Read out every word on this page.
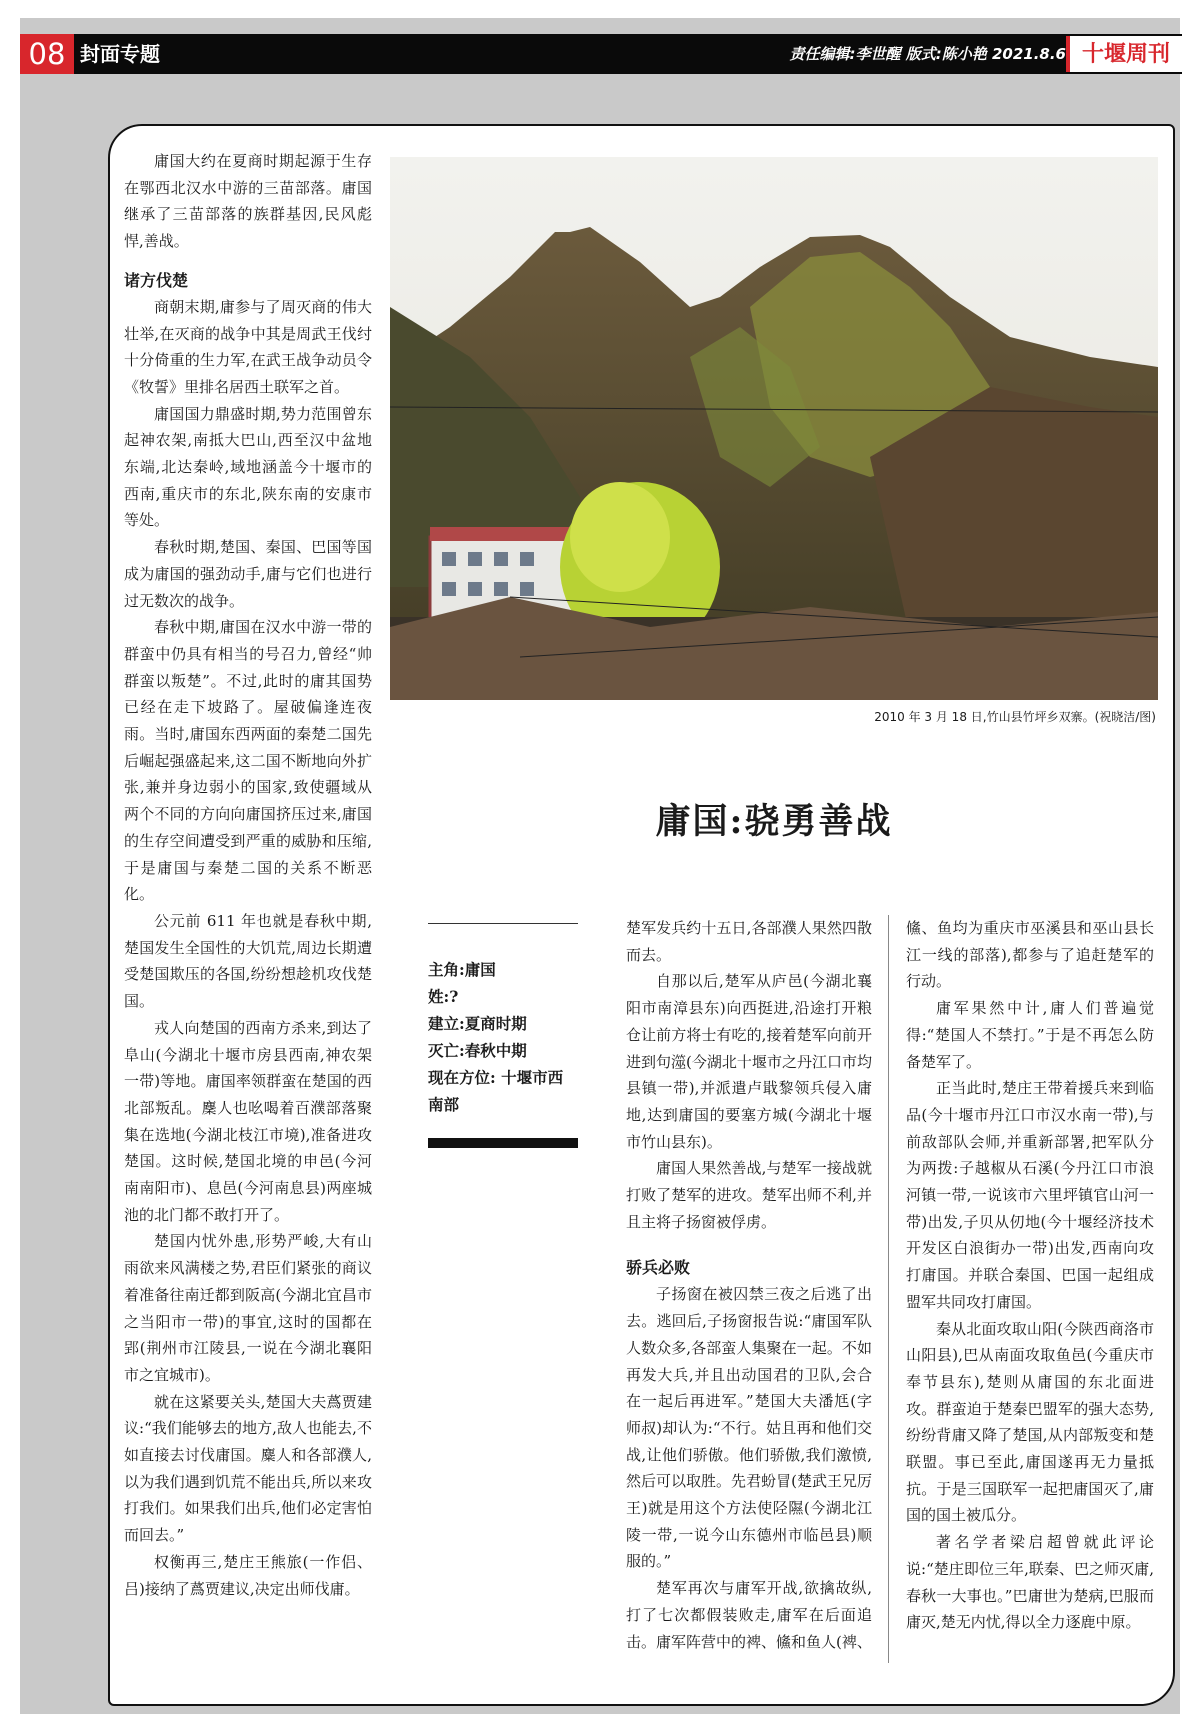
08 封面专题	责任编辑:李世醒 版式:陈小艳 2021.8.6 十堰周刊

庸国大约在夏商时期起源于生存在鄂西北汉水中游的三苗部落。庸国继承了三苗部落的族群基因,民风彪悍,善战。

诸方伐楚

商朝末期,庸参与了周灭商的伟大壮举,在灭商的战争中其是周武王伐纣十分倚重的生力军,在武王战争动员令《牧誓》里排名居西土联军之首。

庸国国力鼎盛时期,势力范围曾东起神农架,南抵大巴山,西至汉中盆地东端,北达秦岭,域地涵盖今十堰市的西南,重庆市的东北,陕东南的安康市等处。

春秋时期,楚国、秦国、巴国等国成为庸国的强劲动手,庸与它们也进行过无数次的战争。

春秋中期,庸国在汉水中游一带的群蛮中仍具有相当的号召力,曾经“帅群蛮以叛楚”。不过,此时的庸其国势已经在走下坡路了。屋破偏逢连夜雨。当时,庸国东西两面的秦楚二国先后崛起强盛起来,这二国不断地向外扩张,兼并身边弱小的国家,致使疆域从两个不同的方向向庸国挤压过来,庸国的生存空间遭受到严重的威胁和压缩,于是庸国与秦楚二国的关系不断恶化。

公元前 611 年也就是春秋中期,楚国发生全国性的大饥荒,周边长期遭受楚国欺压的各国,纷纷想趁机攻伐楚国。

戎人向楚国的西南方杀来,到达了阜山(今湖北十堰市房县西南,神农架一带)等地。庸国率领群蛮在楚国的西北部叛乱。麇人也吆喝着百濮部落聚集在选地(今湖北枝江市境),准备进攻楚国。这时候,楚国北境的申邑(今河南南阳市)、息邑(今河南息县)两座城池的北门都不敢打开了。

楚国内忧外患,形势严峻,大有山雨欲来风满楼之势,君臣们紧张的商议着准备往南迁都到阪高(今湖北宜昌市之当阳市一带)的事宜,这时的国都在郢(荆州市江陵县,一说在今湖北襄阳市之宜城市)。

就在这紧要关头,楚国大夫蔿贾建议:“我们能够去的地方,敌人也能去,不如直接去讨伐庸国。麋人和各部濮人,以为我们遇到饥荒不能出兵,所以来攻打我们。如果我们出兵,他们必定害怕而回去。”

权衡再三,楚庄王熊旅(一作侣、吕)接纳了蔿贾建议,决定出师伐庸。

2010 年 3 月 18 日,竹山县竹坪乡双寨。(祝晓洁/图)
庸国:骁勇善战
主角:庸国
姓:?
建立:夏商时期
灭亡:春秋中期
现在方位: 十堰市西南部

楚军发兵约十五日,各部濮人果然四散而去。

自那以后,楚军从庐邑(今湖北襄阳市南漳县东)向西挺进,沿途打开粮仓让前方将士有吃的,接着楚军向前开进到句澨(今湖北十堰市之丹江口市均县镇一带),并派遣卢戢黎领兵侵入庸地,达到庸国的要塞方城(今湖北十堰市竹山县东)。

庸国人果然善战,与楚军一接战就打败了楚军的进攻。楚军出师不利,并且主将子扬窗被俘虏。

骄兵必败

子扬窗在被囚禁三夜之后逃了出去。逃回后,子扬窗报告说:“庸国军队人数众多,各部蛮人集聚在一起。不如再发大兵,并且出动国君的卫队,会合在一起后再进军。”楚国大夫潘尪(字师叔)却认为:“不行。姑且再和他们交战,让他们骄傲。他们骄傲,我们激愤,然后可以取胜。先君蚡冒(楚武王兄厉王)就是用这个方法使陉隰(今湖北江陵一带,一说今山东德州市临邑县)顺服的。”

楚军再次与庸军开战,欲擒故纵,打了七次都假装败走,庸军在后面追击。庸军阵营中的裨、鯈和鱼人(裨、

鯈、鱼均为重庆市巫溪县和巫山县长江一线的部落),都参与了追赶楚军的行动。

庸军果然中计,庸人们普遍觉得:“楚国人不禁打。”于是不再怎么防备楚军了。

正当此时,楚庄王带着援兵来到临品(今十堰市丹江口市汉水南一带),与前敌部队会师,并重新部署,把军队分为两拨:子越椒从石溪(今丹江口市浪河镇一带,一说该市六里坪镇官山河一带)出发,子贝从仞地(今十堰经济技术开发区白浪街办一带)出发,西南向攻打庸国。并联合秦国、巴国一起组成盟军共同攻打庸国。

秦从北面攻取山阳(今陕西商洛市山阳县),巴从南面攻取鱼邑(今重庆市奉节县东),楚则从庸国的东北面进攻。群蛮迫于楚秦巴盟军的强大态势,纷纷背庸又降了楚国,从内部叛变和楚联盟。事已至此,庸国遂再无力量抵抗。于是三国联军一起把庸国灭了,庸国的国土被瓜分。

著名学者梁启超曾就此评论说:“楚庄即位三年,联秦、巴之师灭庸,春秋一大事也。”巴庸世为楚病,巴服而庸灭,楚无内忧,得以全力逐鹿中原。
